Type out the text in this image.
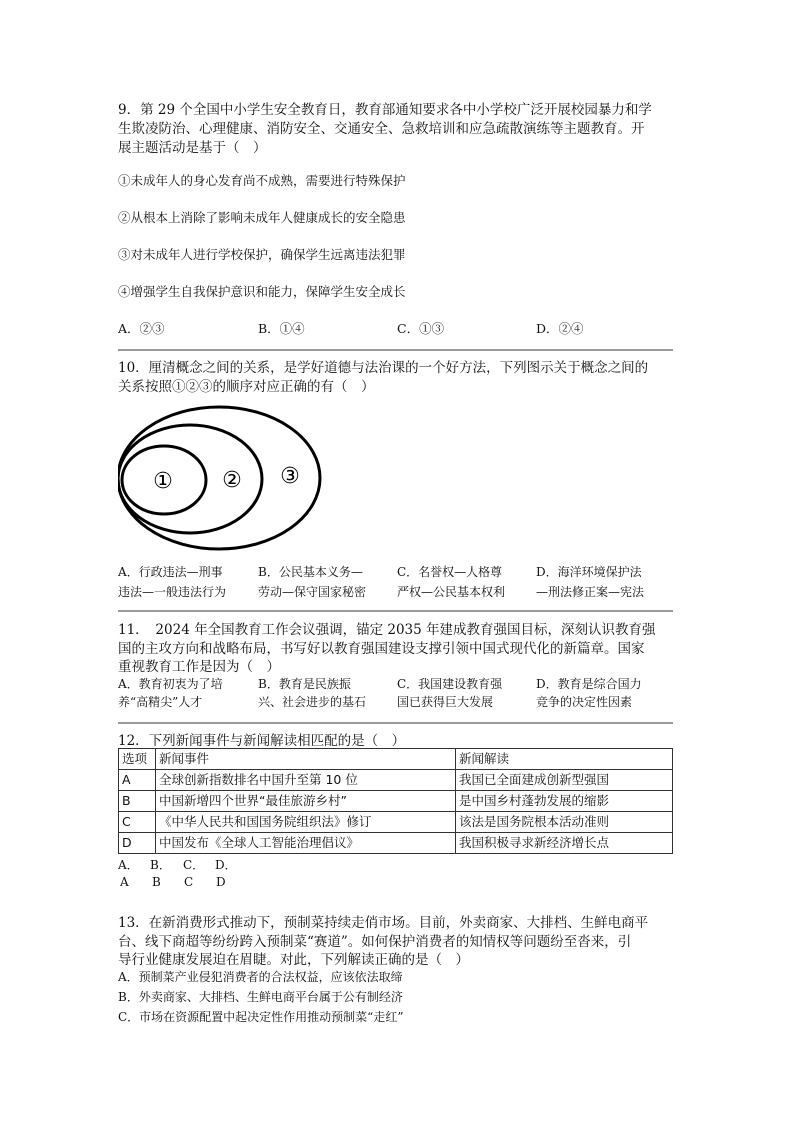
9．第 29 个全国中小学生安全教育日，教育部通知要求各中小学校广泛开展校园暴力和学
生欺凌防治、心理健康、消防安全、交通安全、急救培训和应急疏散演练等主题教育。开
展主题活动是基于（　）
①未成年人的身心发育尚不成熟，需要进行特殊保护
②从根本上消除了影响未成年人健康成长的安全隐患
③对未成年人进行学校保护，确保学生远离违法犯罪
④增强学生自我保护意识和能力，保障学生安全成长
A．②③	B．①④	C．①③	D．②④
10．厘清概念之间的关系，是学好道德与法治课的一个好方法，下列图示关于概念之间的
关系按照①②③的顺序对应正确的有（　）
① ② ③
A．行政违法—刑事	B．公民基本义务—	C．名誉权—人格尊	D．海洋环境保护法
违法—一般违法行为	劳动—保守国家秘密	严权—公民基本权利	—刑法修正案—宪法
11．　2024 年全国教育工作会议强调，锚定 2035 年建成教育强国目标，深刻认识教育强
国的主攻方向和战略布局，书写好以教育强国建设支撑引领中国式现代化的新篇章。国家
重视教育工作是因为（　）
A．教育初衷为了培	B．教育是民族振	C．我国建设教育强	D．教育是综合国力
养“高精尖”人才	兴、社会进步的基石	国已获得巨大发展	竞争的决定性因素
12．下列新闻事件与新闻解读相匹配的是（　）
选项	新闻事件	新闻解读
A	全球创新指数排名中国升至第 10 位	我国已全面建成创新型强国
B	中国新增四个世界“最佳旅游乡村”	是中国乡村蓬勃发展的缩影
C	《中华人民共和国国务院组织法》修订	该法是国务院根本活动准则
D	中国发布《全球人工智能治理倡议》	我国积极寻求新经济增长点
A． B． C． D．
A B C D
13．在新消费形式推动下，预制菜持续走俏市场。目前，外卖商家、大排档、生鲜电商平
台、线下商超等纷纷跨入预制菜“赛道”。如何保护消费者的知情权等问题纷至沓来，引
导行业健康发展迫在眉睫。对此，下列解读正确的是（　）
A．预制菜产业侵犯消费者的合法权益，应该依法取缔
B．外卖商家、大排档、生鲜电商平台属于公有制经济
C．市场在资源配置中起决定性作用推动预制菜“走红”
